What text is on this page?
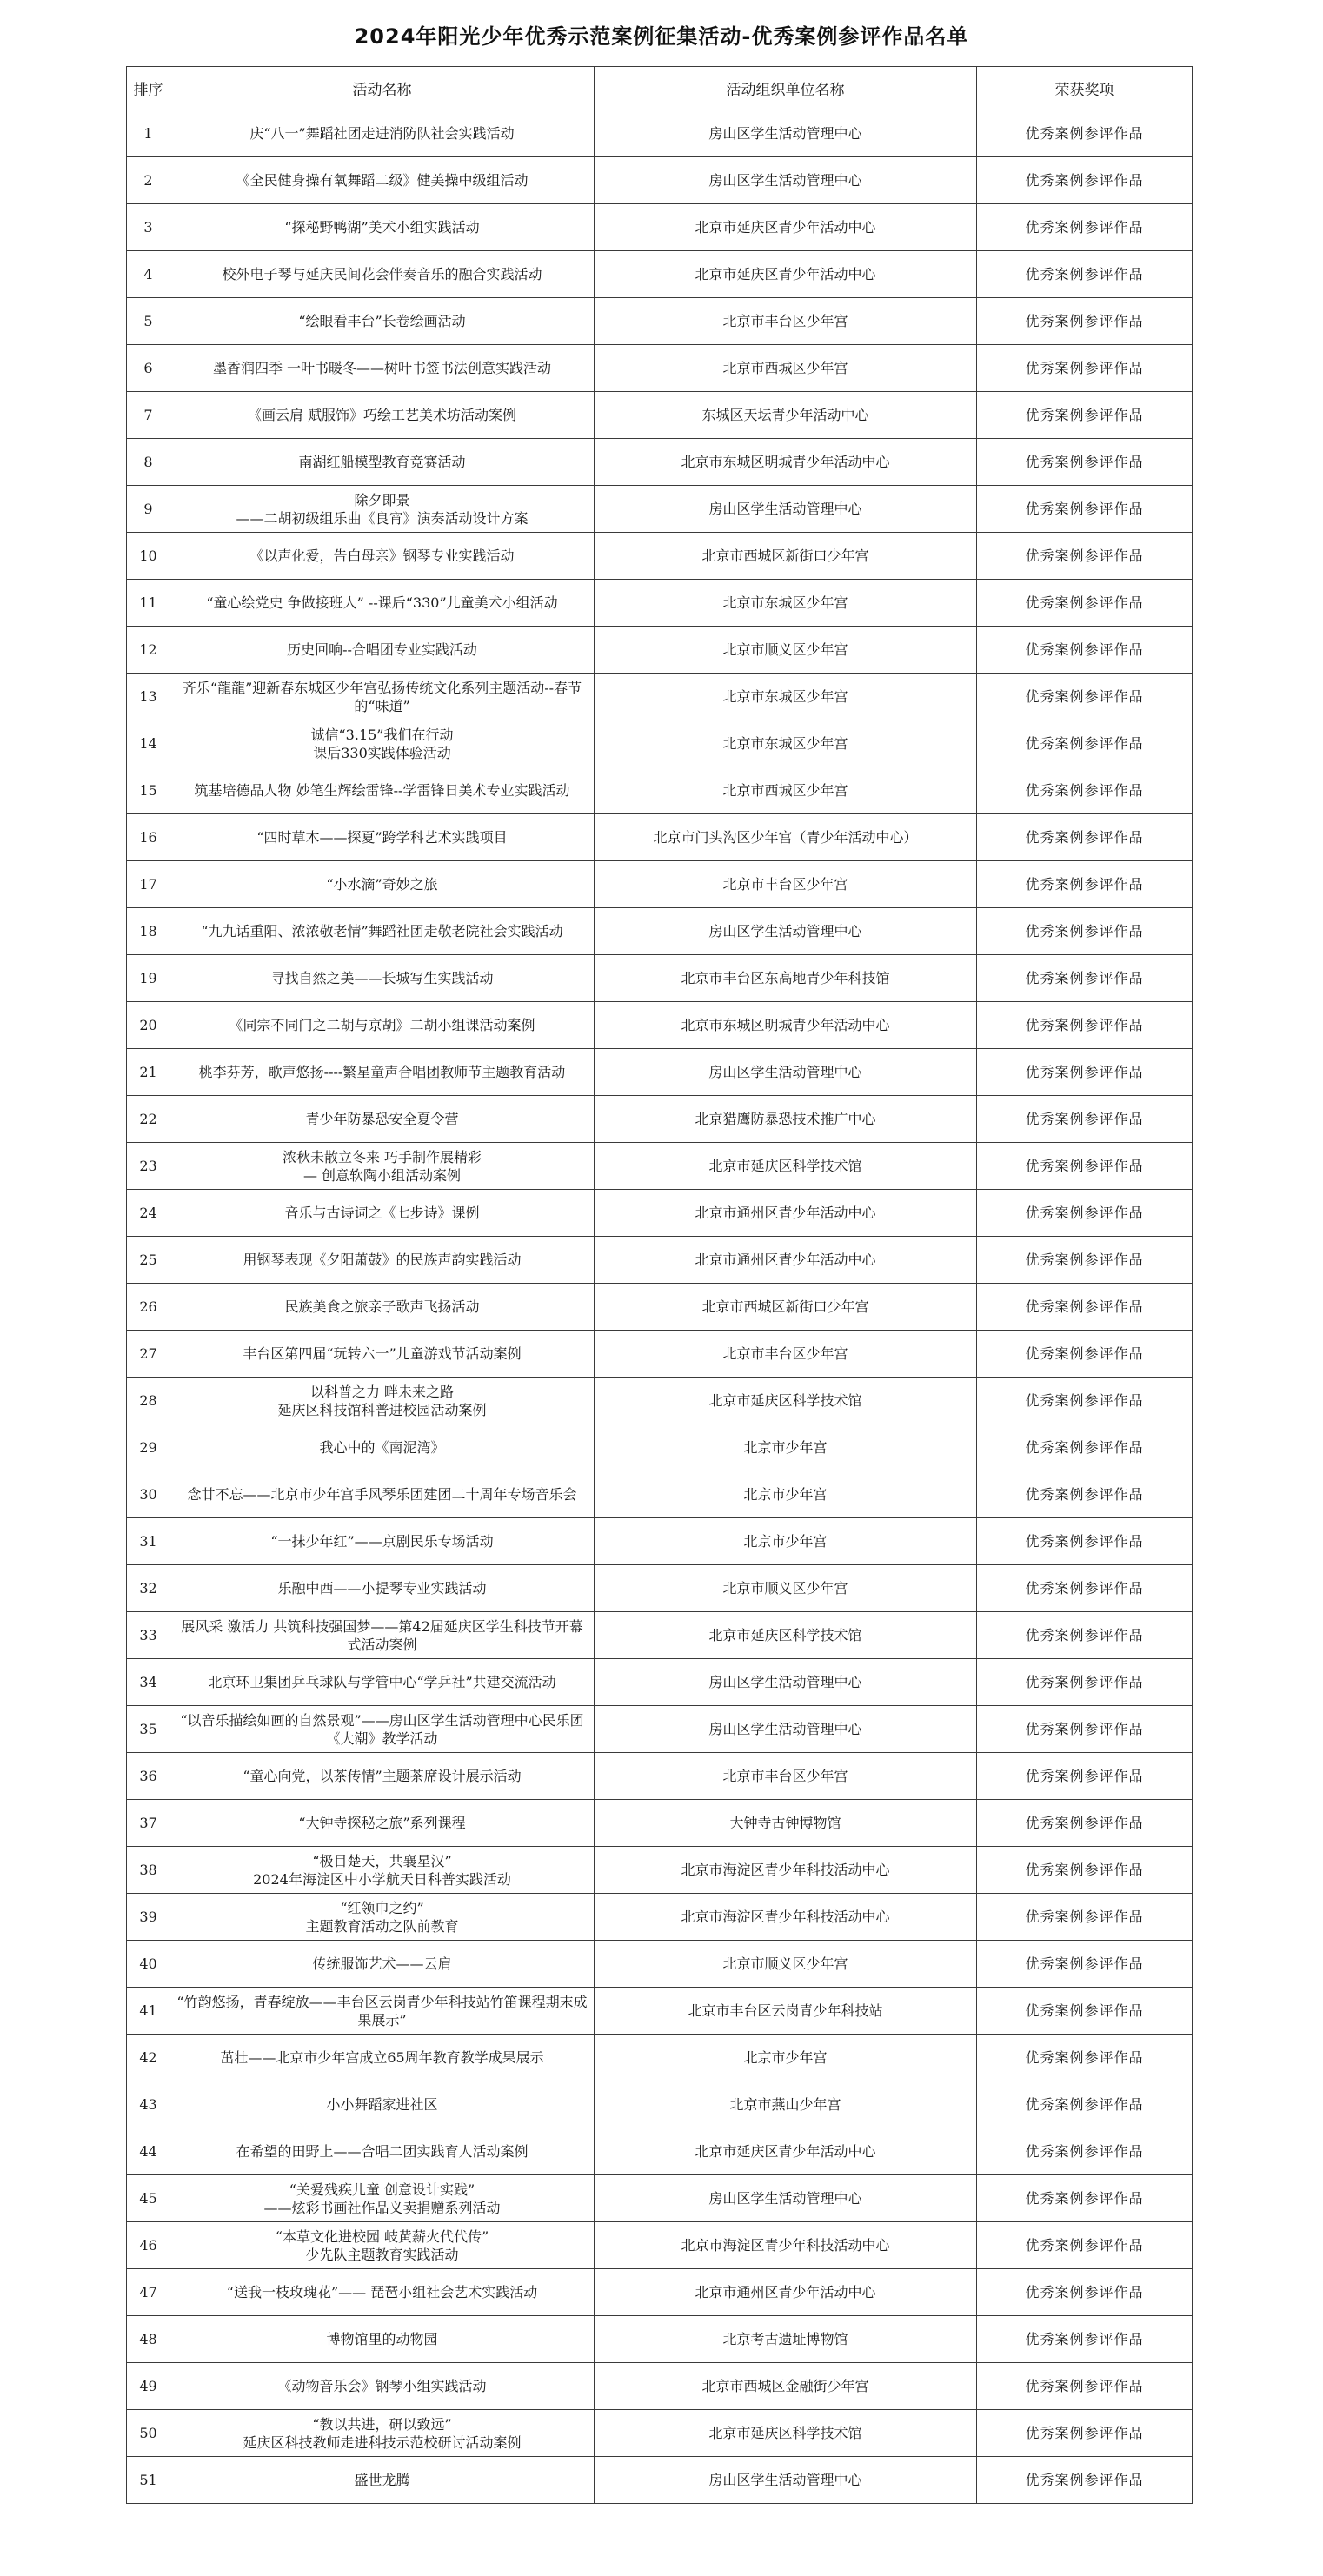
2024年阳光少年优秀示范案例征集活动-优秀案例参评作品名单
排序	活动名称	活动组织单位名称	荣获奖项
1	庆“八一”舞蹈社团走进消防队社会实践活动	房山区学生活动管理中心	优秀案例参评作品
2	《全民健身操有氧舞蹈二级》健美操中级组活动	房山区学生活动管理中心	优秀案例参评作品
3	“探秘野鸭湖”美术小组实践活动	北京市延庆区青少年活动中心	优秀案例参评作品
4	校外电子琴与延庆民间花会伴奏音乐的融合实践活动	北京市延庆区青少年活动中心	优秀案例参评作品
5	“绘眼看丰台”长卷绘画活动	北京市丰台区少年宫	优秀案例参评作品
6	墨香润四季 一叶书暖冬——树叶书签书法创意实践活动	北京市西城区少年宫	优秀案例参评作品
7	《画云肩 赋服饰》巧绘工艺美术坊活动案例	东城区天坛青少年活动中心	优秀案例参评作品
8	南湖红船模型教育竞赛活动	北京市东城区明城青少年活动中心	优秀案例参评作品
9	除夕即景
——二胡初级组乐曲《良宵》演奏活动设计方案	房山区学生活动管理中心	优秀案例参评作品
10	《以声化爱，告白母亲》钢琴专业实践活动	北京市西城区新街口少年宫	优秀案例参评作品
11	“童心绘党史 争做接班人” --课后“330”儿童美术小组活动	北京市东城区少年宫	优秀案例参评作品
12	历史回响--合唱团专业实践活动	北京市顺义区少年宫	优秀案例参评作品
13	齐乐“龍龍”迎新春东城区少年宫弘扬传统文化系列主题活动--春节的“味道”	北京市东城区少年宫	优秀案例参评作品
14	诚信“3.15”我们在行动
课后330实践体验活动	北京市东城区少年宫	优秀案例参评作品
15	筑基培德品人物 妙笔生辉绘雷锋--学雷锋日美术专业实践活动	北京市西城区少年宫	优秀案例参评作品
16	“四时草木——探夏”跨学科艺术实践项目	北京市门头沟区少年宫（青少年活动中心）	优秀案例参评作品
17	“小水滴”奇妙之旅	北京市丰台区少年宫	优秀案例参评作品
18	“九九话重阳、浓浓敬老情”舞蹈社团走敬老院社会实践活动	房山区学生活动管理中心	优秀案例参评作品
19	寻找自然之美——长城写生实践活动	北京市丰台区东高地青少年科技馆	优秀案例参评作品
20	《同宗不同门之二胡与京胡》二胡小组课活动案例	北京市东城区明城青少年活动中心	优秀案例参评作品
21	桃李芬芳，歌声悠扬----繁星童声合唱团教师节主题教育活动	房山区学生活动管理中心	优秀案例参评作品
22	青少年防暴恐安全夏令营	北京猎鹰防暴恐技术推广中心	优秀案例参评作品
23	浓秋未散立冬来 巧手制作展精彩
— 创意软陶小组活动案例	北京市延庆区科学技术馆	优秀案例参评作品
24	音乐与古诗词之《七步诗》课例	北京市通州区青少年活动中心	优秀案例参评作品
25	用钢琴表现《夕阳萧鼓》的民族声韵实践活动	北京市通州区青少年活动中心	优秀案例参评作品
26	民族美食之旅亲子歌声飞扬活动	北京市西城区新街口少年宫	优秀案例参评作品
27	丰台区第四届“玩转六一”儿童游戏节活动案例	北京市丰台区少年宫	优秀案例参评作品
28	以科普之力 畔未来之路
延庆区科技馆科普进校园活动案例	北京市延庆区科学技术馆	优秀案例参评作品
29	我心中的《南泥湾》	北京市少年宫	优秀案例参评作品
30	念廿不忘——北京市少年宫手风琴乐团建团二十周年专场音乐会	北京市少年宫	优秀案例参评作品
31	“一抹少年红”——京剧民乐专场活动	北京市少年宫	优秀案例参评作品
32	乐融中西——小提琴专业实践活动	北京市顺义区少年宫	优秀案例参评作品
33	展风采 激活力 共筑科技强国梦——第42届延庆区学生科技节开幕式活动案例	北京市延庆区科学技术馆	优秀案例参评作品
34	北京环卫集团乒乓球队与学管中心“学乒社”共建交流活动	房山区学生活动管理中心	优秀案例参评作品
35	“以音乐描绘如画的自然景观”——房山区学生活动管理中心民乐团《大潮》教学活动	房山区学生活动管理中心	优秀案例参评作品
36	“童心向党，以茶传情”主题茶席设计展示活动	北京市丰台区少年宫	优秀案例参评作品
37	“大钟寺探秘之旅”系列课程	大钟寺古钟博物馆	优秀案例参评作品
38	“极目楚天，共襄星汉”
2024年海淀区中小学航天日科普实践活动	北京市海淀区青少年科技活动中心	优秀案例参评作品
39	“红领巾之约”
主题教育活动之队前教育	北京市海淀区青少年科技活动中心	优秀案例参评作品
40	传统服饰艺术——云肩	北京市顺义区少年宫	优秀案例参评作品
41	“竹韵悠扬，青春绽放——丰台区云岗青少年科技站竹笛课程期末成果展示”	北京市丰台区云岗青少年科技站	优秀案例参评作品
42	茁壮——北京市少年宫成立65周年教育教学成果展示	北京市少年宫	优秀案例参评作品
43	小小舞蹈家进社区	北京市燕山少年宫	优秀案例参评作品
44	在希望的田野上——合唱二团实践育人活动案例	北京市延庆区青少年活动中心	优秀案例参评作品
45	“关爱残疾儿童 创意设计实践”
——炫彩书画社作品义卖捐赠系列活动	房山区学生活动管理中心	优秀案例参评作品
46	“本草文化进校园 岐黄薪火代代传”
少先队主题教育实践活动	北京市海淀区青少年科技活动中心	优秀案例参评作品
47	“送我一枝玫瑰花”—— 琵琶小组社会艺术实践活动	北京市通州区青少年活动中心	优秀案例参评作品
48	博物馆里的动物园	北京考古遗址博物馆	优秀案例参评作品
49	《动物音乐会》钢琴小组实践活动	北京市西城区金融街少年宫	优秀案例参评作品
50	“教以共进，研以致远”
延庆区科技教师走进科技示范校研讨活动案例	北京市延庆区科学技术馆	优秀案例参评作品
51	盛世龙腾	房山区学生活动管理中心	优秀案例参评作品
